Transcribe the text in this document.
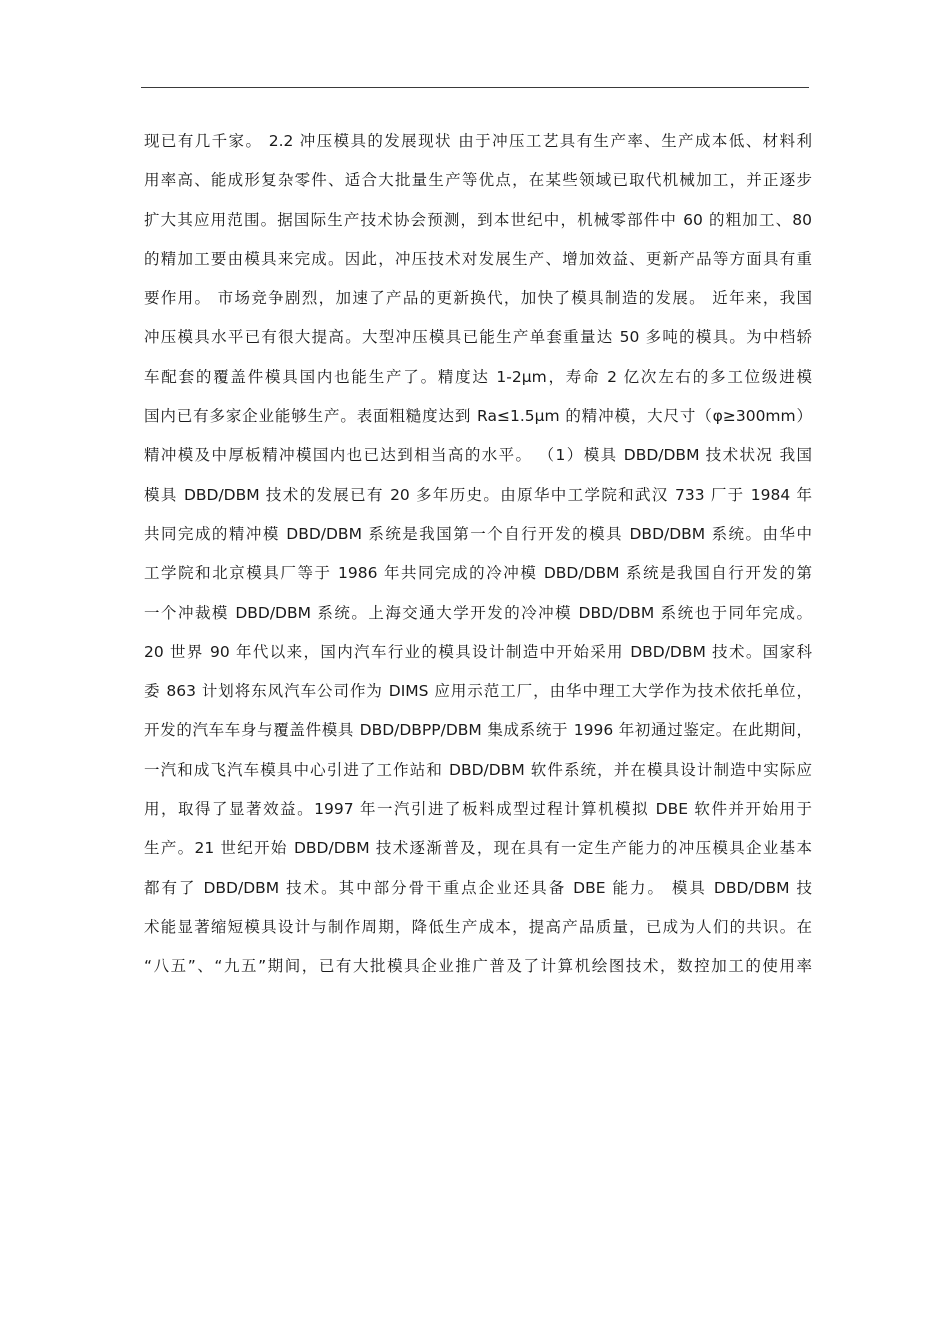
现已有几千家。 2.2 冲压模具的发展现状 由于冲压工艺具有生产率、生产成本低、材料利
用率高、能成形复杂零件、适合大批量生产等优点，在某些领域已取代机械加工，并正逐步
扩大其应用范围。据国际生产技术协会预测，到本世纪中，机械零部件中 60 的粗加工、80
的精加工要由模具来完成。因此，冲压技术对发展生产、增加效益、更新产品等方面具有重
要作用。 市场竞争剧烈，加速了产品的更新换代，加快了模具制造的发展。 近年来，我国
冲压模具水平已有很大提高。大型冲压模具已能生产单套重量达 50 多吨的模具。为中档轿
车配套的覆盖件模具国内也能生产了。精度达 1-2μm，寿命 2 亿次左右的多工位级进模
国内已有多家企业能够生产。表面粗糙度达到 Ra≤1.5μm 的精冲模，大尺寸（φ≥300mm）
精冲模及中厚板精冲模国内也已达到相当高的水平。 （1）模具 DBD/DBM 技术状况 我国
模具 DBD/DBM 技术的发展已有 20 多年历史。由原华中工学院和武汉 733 厂于 1984 年
共同完成的精冲模 DBD/DBM 系统是我国第一个自行开发的模具 DBD/DBM 系统。由华中
工学院和北京模具厂等于 1986 年共同完成的冷冲模 DBD/DBM 系统是我国自行开发的第
一个冲裁模 DBD/DBM 系统。上海交通大学开发的冷冲模 DBD/DBM 系统也于同年完成。
20 世界 90 年代以来，国内汽车行业的模具设计制造中开始采用 DBD/DBM 技术。国家科
委 863 计划将东风汽车公司作为 DIMS 应用示范工厂，由华中理工大学作为技术依托单位，
开发的汽车车身与覆盖件模具 DBD/DBPP/DBM 集成系统于 1996 年初通过鉴定。在此期间，
一汽和成飞汽车模具中心引进了工作站和 DBD/DBM 软件系统，并在模具设计制造中实际应
用，取得了显著效益。1997 年一汽引进了板料成型过程计算机模拟 DBE 软件并开始用于
生产。21 世纪开始 DBD/DBM 技术逐渐普及，现在具有一定生产能力的冲压模具企业基本
都有了 DBD/DBM 技术。其中部分骨干重点企业还具备 DBE 能力。 模具 DBD/DBM 技
术能显著缩短模具设计与制作周期，降低生产成本，提高产品质量，已成为人们的共识。在
“八五”、“九五”期间，已有大批模具企业推广普及了计算机绘图技术，数控加工的使用率
